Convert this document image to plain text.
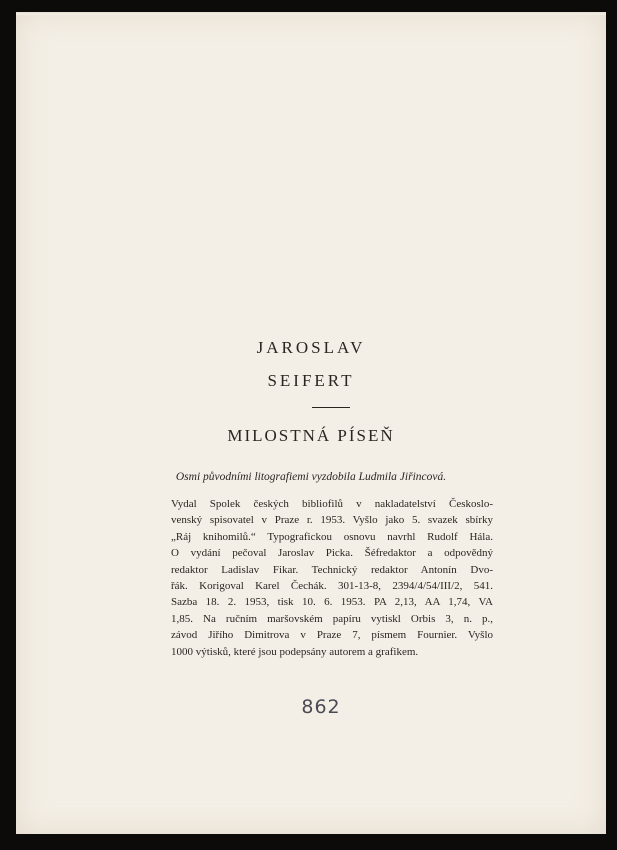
JAROSLAV
SEIFERT
MILOSTNÁ PÍSEŇ
Osmi původními litografiemi vyzdobila Ludmila Jiřincová.
Vydal Spolek českých bibliofilů v nakladatelství Českoslo-
venský spisovatel v Praze r. 1953. Vyšlo jako 5. svazek sbírky
„Ráj knihomilů.“ Typografickou osnovu navrhl Rudolf Hála.
O vydání pečoval Jaroslav Picka. Šéfredaktor a odpovědný
redaktor Ladislav Fikar. Technický redaktor Antonín Dvo-
řák. Korigoval Karel Čechák. 301-13-8, 2394/4/54/III/2, 541.
Sazba 18. 2. 1953, tisk 10. 6. 1953. PA 2,13, AA 1,74, VA
1,85. Na ručním maršovském papíru vytiskl Orbis 3, n. p.,
závod Jiřího Dimitrova v Praze 7, písmem Fournier. Vyšlo
1000 výtisků, které jsou podepsány autorem a grafikem.
862
